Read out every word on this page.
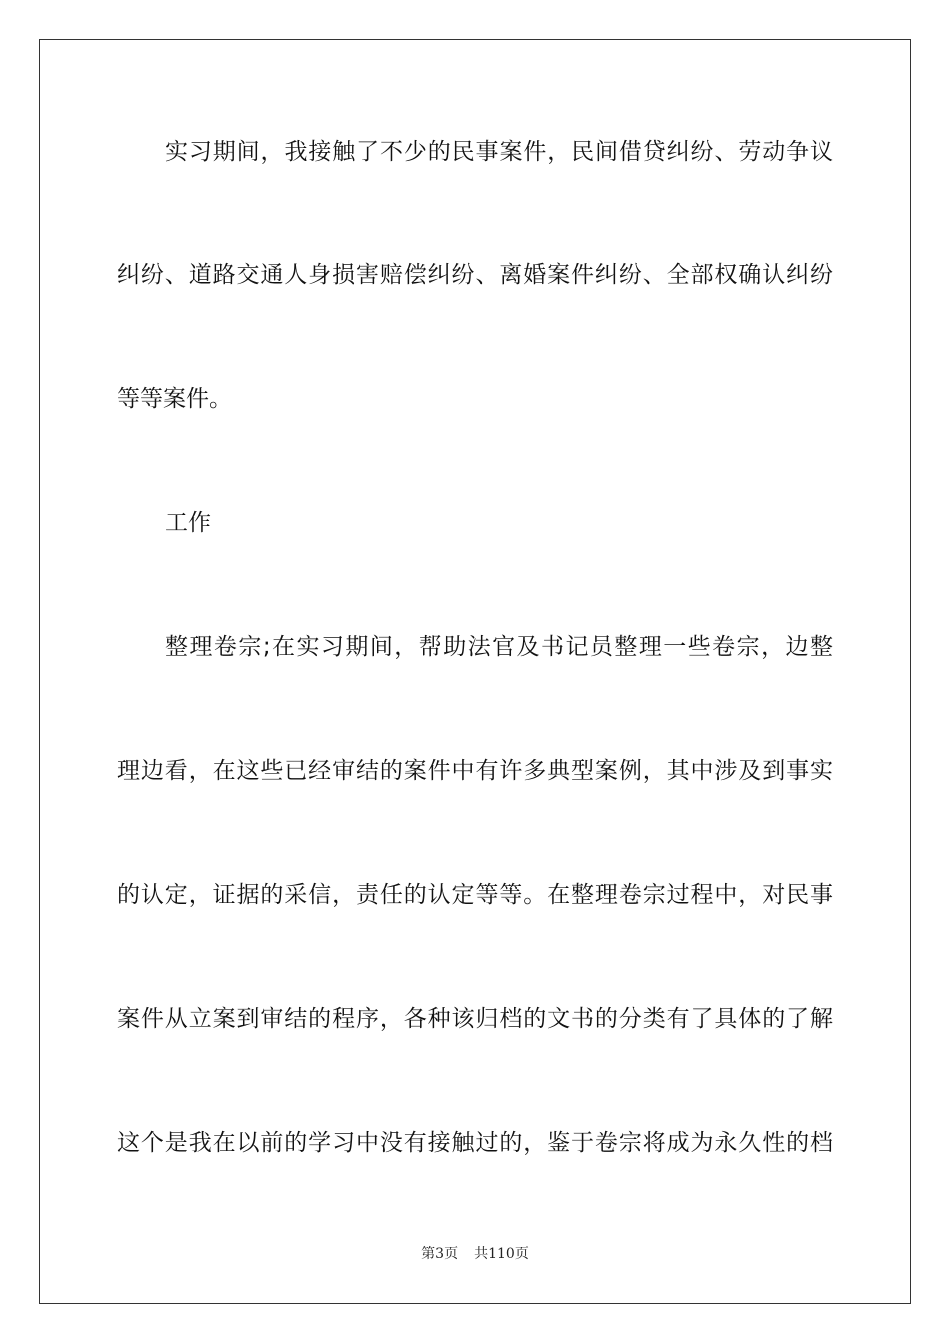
实习期间，我接触了不少的民事案件，民间借贷纠纷、劳动争议
纠纷、道路交通人身损害赔偿纠纷、离婚案件纠纷、全部权确认纠纷
等等案件。
工作
整理卷宗;在实习期间，帮助法官及书记员整理一些卷宗，边整
理边看，在这些已经审结的案件中有许多典型案例，其中涉及到事实
的认定，证据的采信，责任的认定等等。在整理卷宗过程中，对民事
案件从立案到审结的程序，各种该归档的文书的分类有了具体的了解
这个是我在以前的学习中没有接触过的，鉴于卷宗将成为永久性的档
第3页 共110页
